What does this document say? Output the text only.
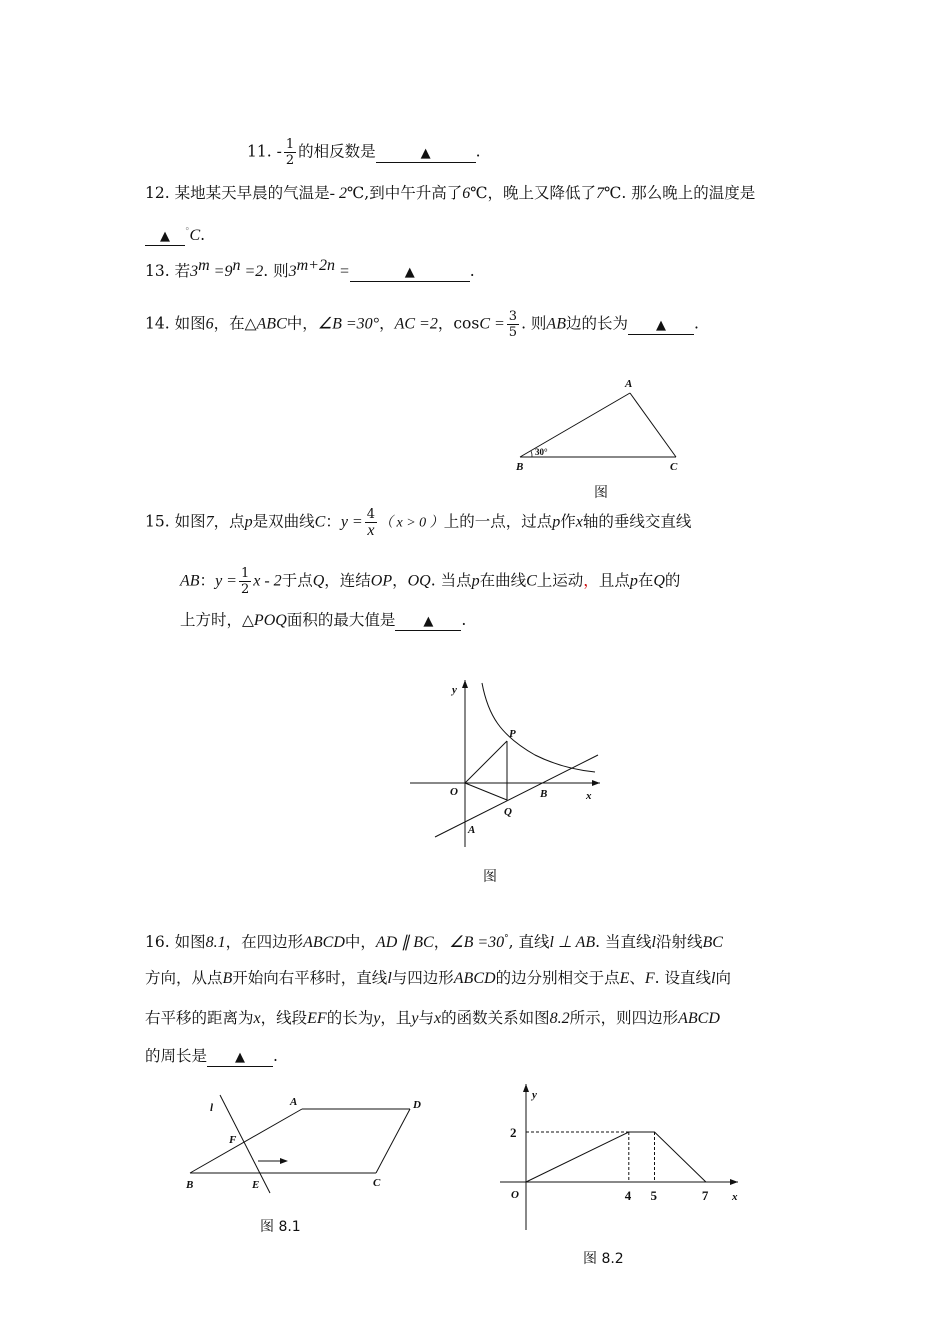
11. - $\frac{1}{2}$ 的相反数是	▲	.
12. 某地某天早晨的气温是- 2℃,到中午升高了6℃，晚上又降低了7℃. 那么晚上的温度是
▲ °C.
13. 若$3^m =9^n =2$. 则$3^{m+2n}$ =	▲	.
14. 如图6，在△ABC中，∠B =30°，AC =2，$\cos C = \frac{3}{5}$ . 则AB边的长为 ▲ .
A
B	C
30°
图
15. 如图7，点p是双曲线C：$y = \frac{4}{x}$ （ x > 0 ）上的一点，过点p作x轴的垂线交直线
AB：$y = \frac{1}{2}$ x - 2于点Q，连结OP，OQ. 当点p在曲线C上运动，且点p在Q的
上方时，△POQ面积的最大值是 ▲ .
y
x
O
P
Q
A
B
图
16. 如图8.1，在四边形ABCD中，AD ∥ BC，∠B =30°, 直线l ⊥ AB. 当直线l沿射线BC
方向，从点B开始向右平移时，直线l与四边形ABCD的边分别相交于点E、F. 设直线l向
右平移的距离为x，线段EF的长为y，且y与x的函数关系如图8.2所示，则四边形ABCD
的周长是 ▲ .
l	A	D
F
B	E	C
图 8.1
y
x
O	4 5	7
2
图 8.2
